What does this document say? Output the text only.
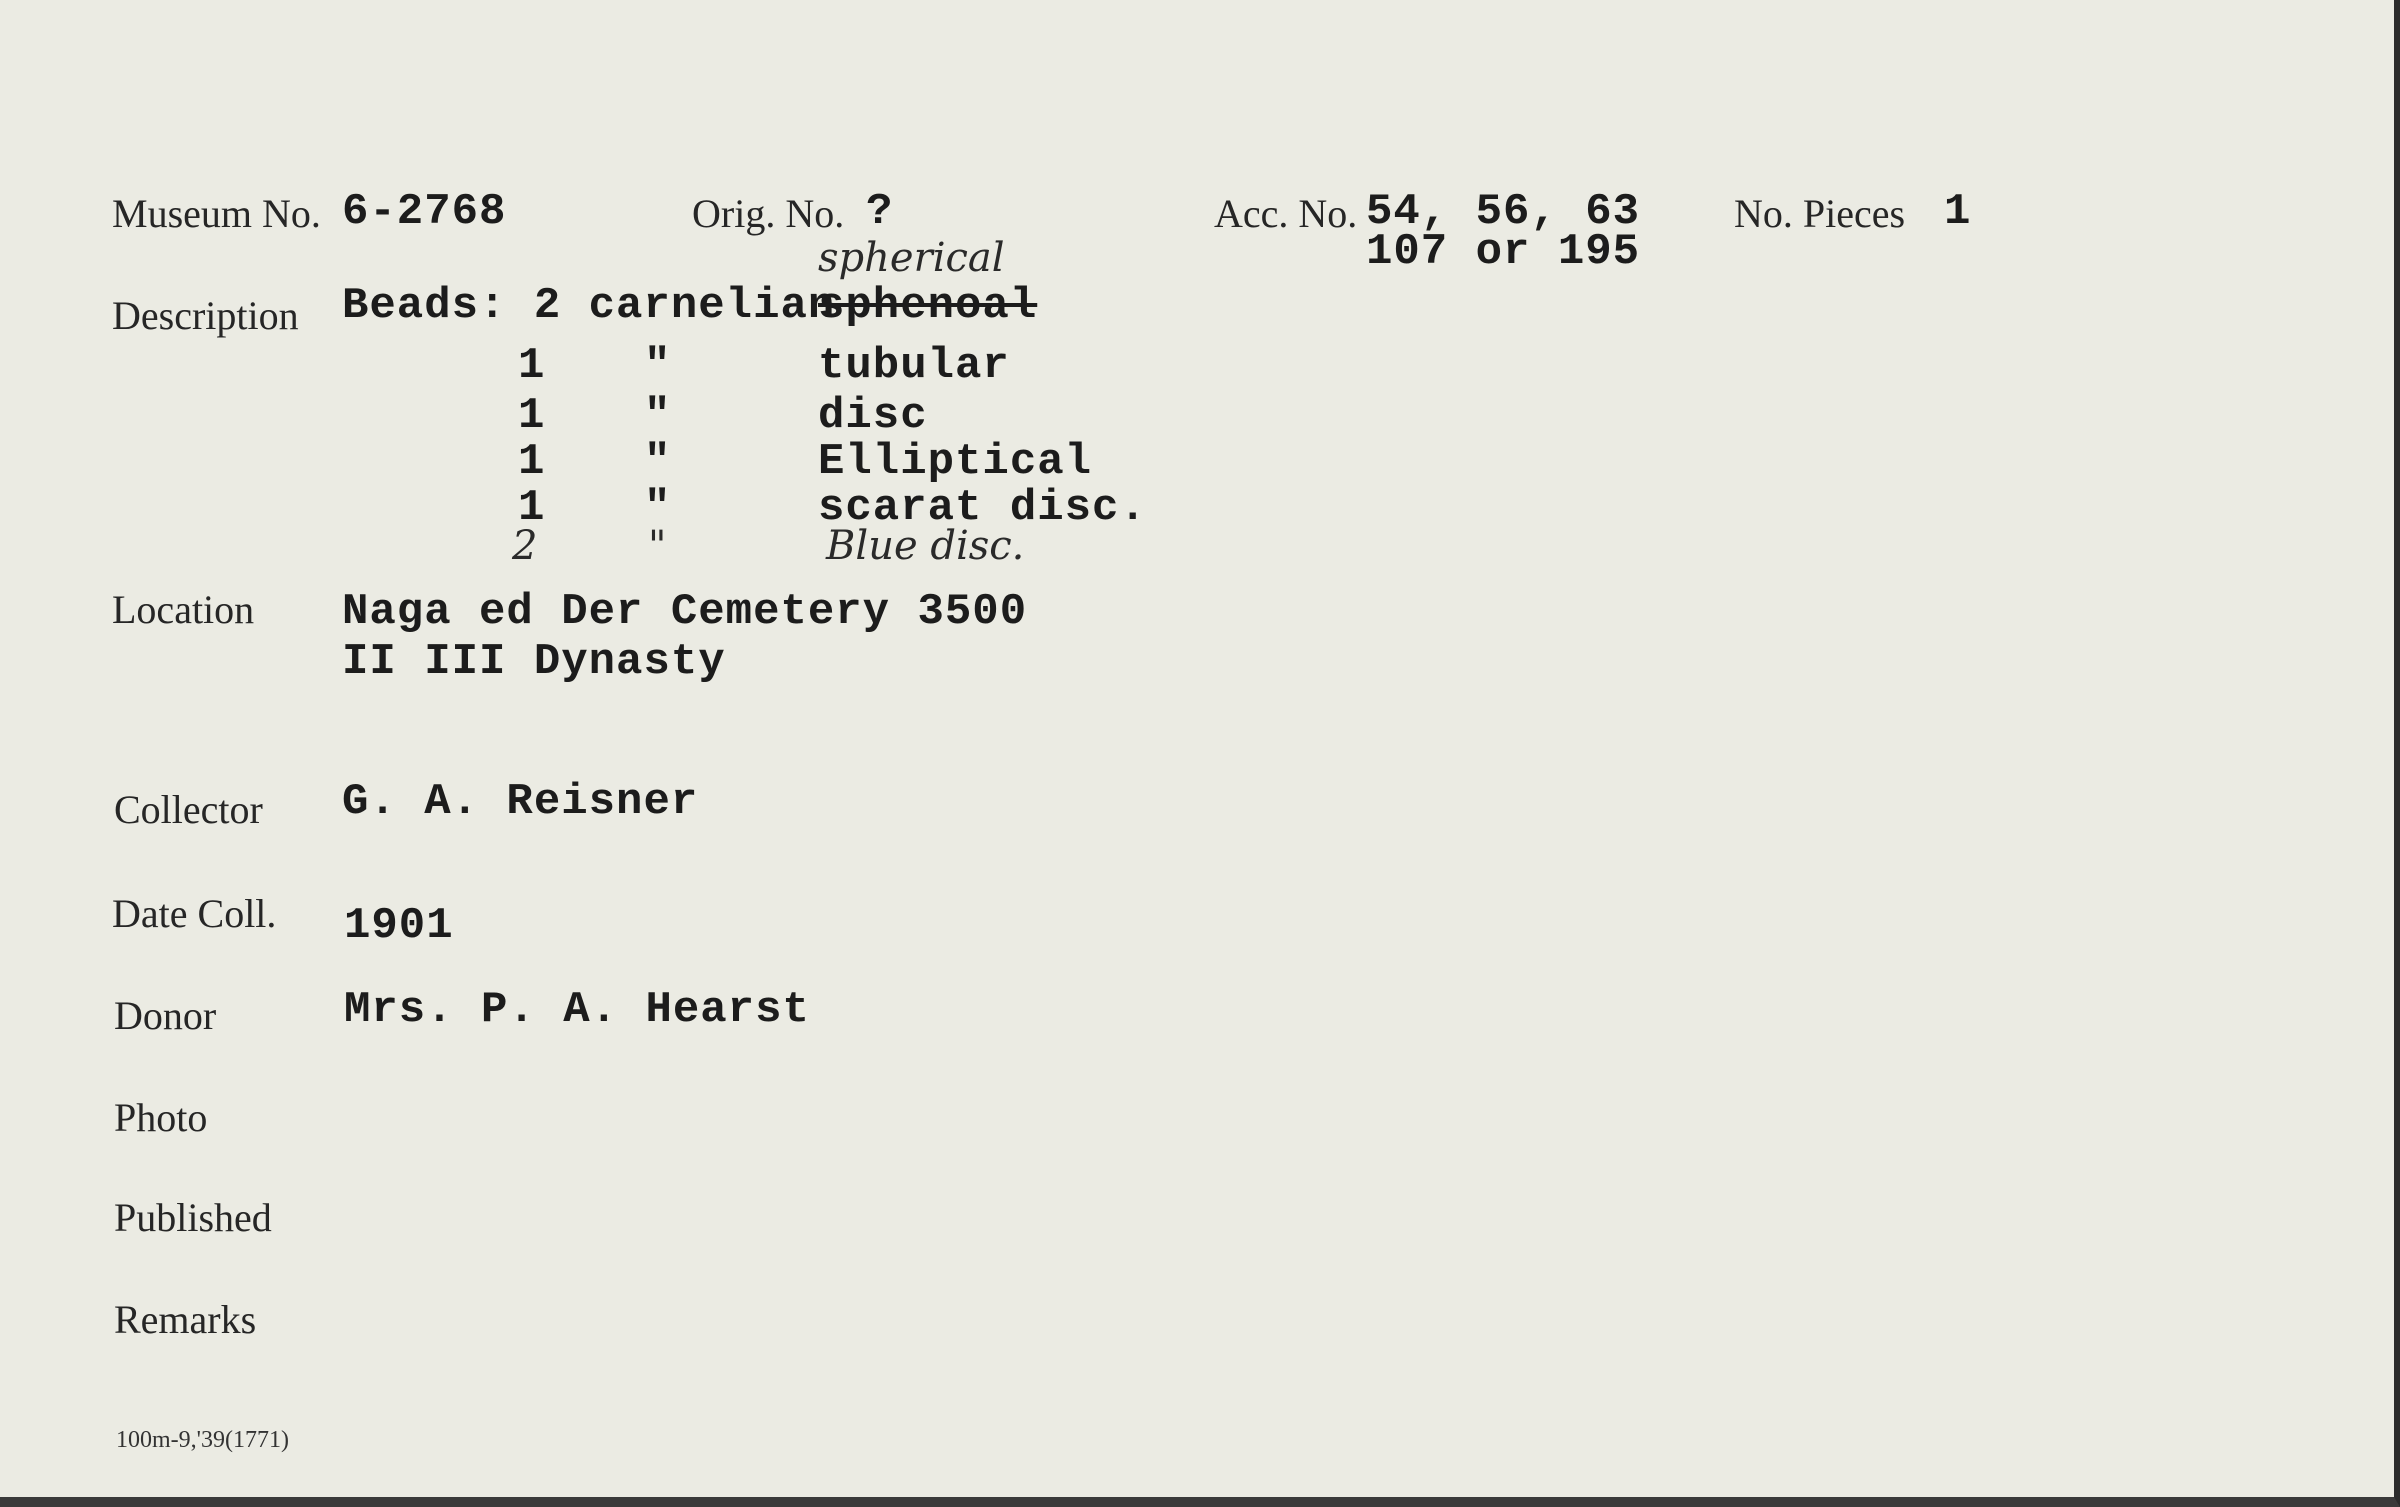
Museum No. 6-2768	Orig. No. ?	Acc. No. 54, 56, 63
107 or 195
No. Pieces 1
Description Beads: 2 carnelian
sphenoal
spherical
1 "	tubular
1 "	disc
1 "	Elliptical
1 "	scarat disc.
2	"	Blue disc.
Location Naga ed Der Cemetery 3500
II III Dynasty
Collector G. A. Reisner
Date Coll. 1901
Donor	Mrs. P. A. Hearst
Photo
Published
Remarks
100m-9,'39(1771)
